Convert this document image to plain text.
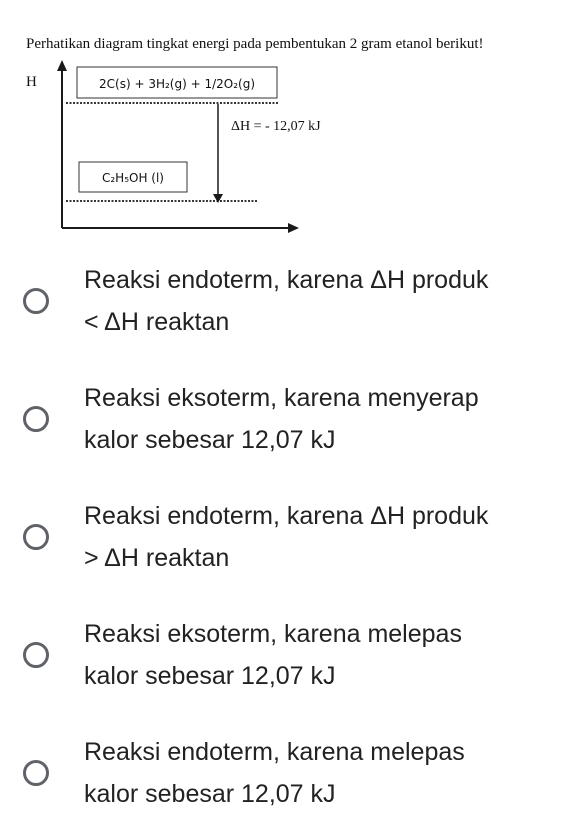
Perhatikan diagram tingkat energi pada pembentukan 2 gram etanol berikut!
H	2C(s) + 3H₂(g) + 1/2O₂(g)
ΔH = - 12,07 kJ
C₂H₅OH (l)
Reaksi endoterm, karena ΔH produk
< ΔH reaktan
Reaksi eksoterm, karena menyerap
kalor sebesar 12,07 kJ
Reaksi endoterm, karena ΔH produk
> ΔH reaktan
Reaksi eksoterm, karena melepas
kalor sebesar 12,07 kJ
Reaksi endoterm, karena melepas
kalor sebesar 12,07 kJ
